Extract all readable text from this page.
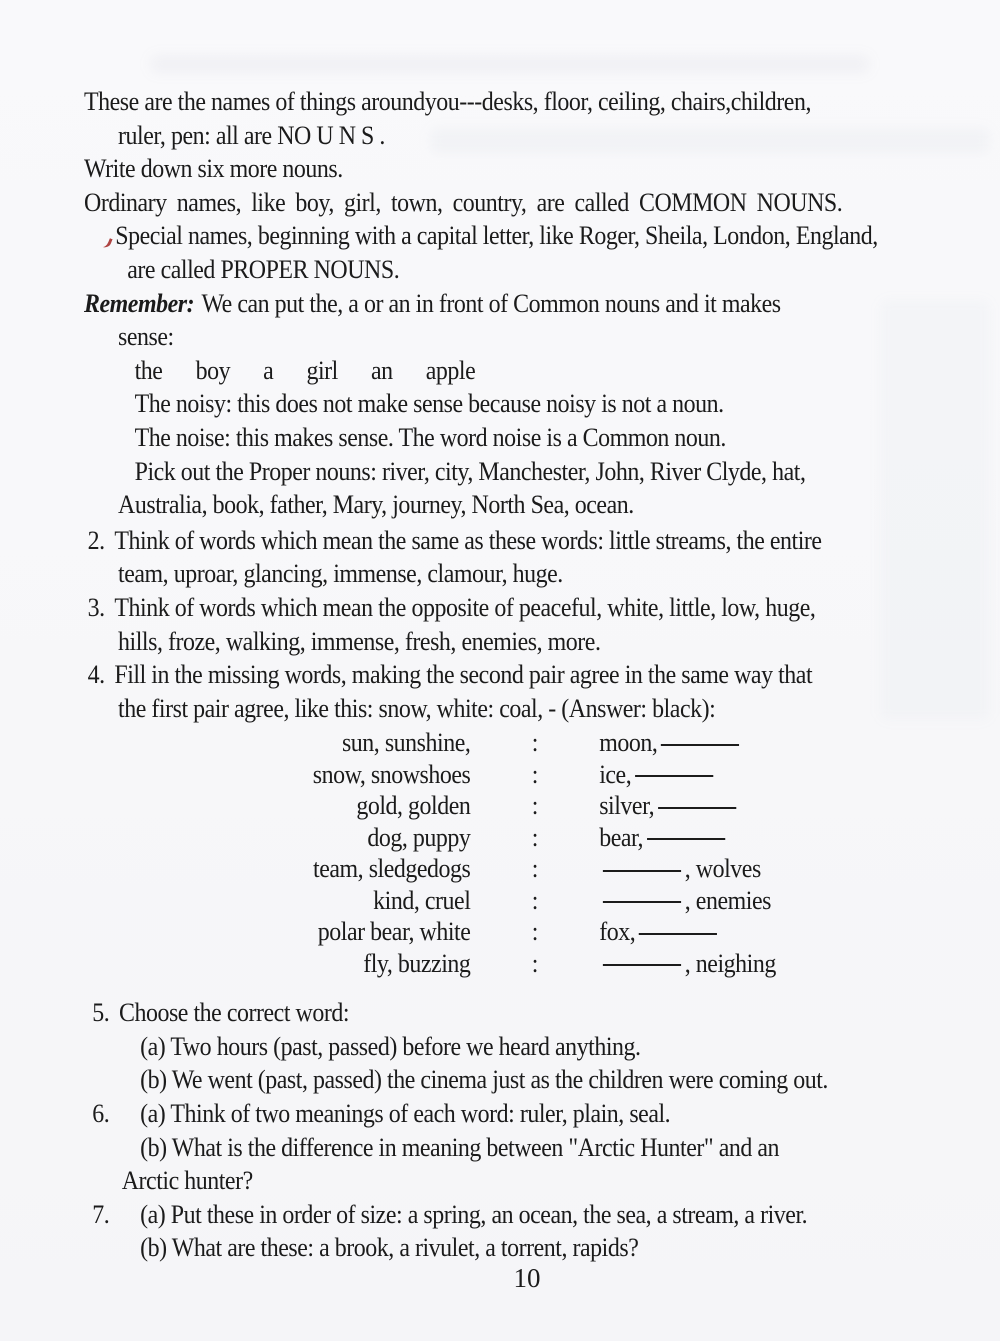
These are the names of things aroundyou---desks, floor, ceiling, chairs,children,
ruler, pen: all are NO U N S .
Write down six more nouns.
Ordinary names, like boy, girl, town, country, are called COMMON NOUNS.
Special names, beginning with a capital letter, like Roger, Sheila, London, England,
are called PROPER NOUNS.
Remember: We can put the, a or an in front of Common nouns and it makes
sense:
the boy a girl an apple
The noisy: this does not make sense because noisy is not a noun.
The noise: this makes sense. The word noise is a Common noun.
Pick out the Proper nouns: river, city, Manchester, John, River Clyde, hat,
Australia, book, father, Mary, journey, North Sea, ocean.
2. Think of words which mean the same as these words: little streams, the entire
team, uproar, glancing, immense, clamour, huge.
3. Think of words which mean the opposite of peaceful, white, little, low, huge,
hills, froze, walking, immense, fresh, enemies, more.
4. Fill in the missing words, making the second pair agree in the same way that
the first pair agree, like this: snow, white: coal, - (Answer: black):
sun, sunshine,	:	moon,
snow, snowshoes	:	ice,
gold, golden	:	silver,
dog, puppy	:	bear,
team, sledgedogs	:	, wolves
kind, cruel	:	, enemies
polar bear, white	:	fox,
fly, buzzing	:	, neighing
5. Choose the correct word:
(a) Two hours (past, passed) before we heard anything.
(b) We went (past, passed) the cinema just as the children were coming out.
6. (a) Think of two meanings of each word: ruler, plain, seal.
(b) What is the difference in meaning between "Arctic Hunter" and an
Arctic hunter?
7. (a) Put these in order of size: a spring, an ocean, the sea, a stream, a river.
(b) What are these: a brook, a rivulet, a torrent, rapids?
10
